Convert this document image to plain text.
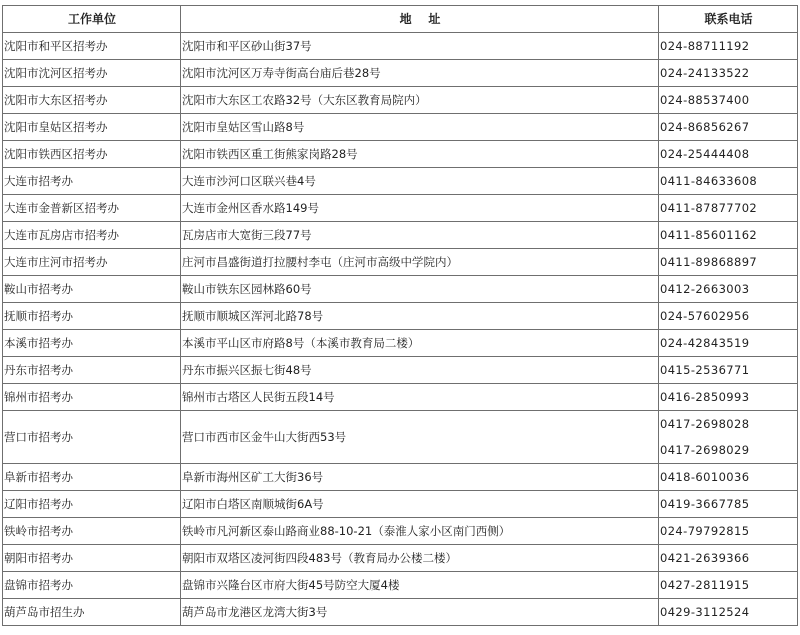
工作单位	地    址	联系电话
沈阳市和平区招考办	沈阳市和平区砂山街37号	024-88711192

沈阳市沈河区招考办	沈阳市沈河区万寿寺街高台庙后巷28号	024-24133522

沈阳市大东区招考办	沈阳市大东区工农路32号（大东区教育局院内）	024-88537400

沈阳市皇姑区招考办	沈阳市皇姑区雪山路8号	024-86856267

沈阳市铁西区招考办	沈阳市铁西区重工街熊家岗路28号	024-25444408

大连市招考办	大连市沙河口区联兴巷4号	0411-84633608

大连市金普新区招考办	大连市金州区香水路149号	0411-87877702

大连市瓦房店市招考办	瓦房店市大宽街三段77号	0411-85601162

大连市庄河市招考办	庄河市昌盛街道打拉腰村李屯（庄河市高级中学院内）	0411-89868897

鞍山市招考办	鞍山市铁东区园林路60号	0412-2663003

抚顺市招考办	抚顺市顺城区浑河北路78号	024-57602956

本溪市招考办	本溪市平山区市府路8号（本溪市教育局二楼）	024-42843519

丹东市招考办	丹东市振兴区振七街48号	0415-2536771

锦州市招考办	锦州市古塔区人民街五段14号	0416-2850993

营口市招考办	营口市西市区金牛山大街西53号	0417-2698028
0417-2698029

阜新市招考办	阜新市海州区矿工大街36号	0418-6010036

辽阳市招考办	辽阳市白塔区南顺城街6A号	0419-3667785

铁岭市招考办	铁岭市凡河新区泰山路商业88-10-21（泰淮人家小区南门西侧）	024-79792815

朝阳市招考办	朝阳市双塔区凌河街四段483号（教育局办公楼二楼）	0421-2639366

盘锦市招考办	盘锦市兴隆台区市府大街45号防空大厦4楼	0427-2811915

葫芦岛市招生办	葫芦岛市龙港区龙湾大街3号	0429-3112524
